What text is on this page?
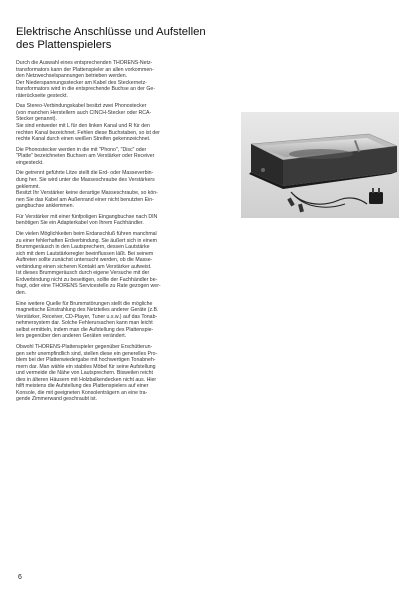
Elektrische Anschlüsse und Aufstellen
des Plattenspielers

Durch die Auswahl eines entsprechenden THORENS-Netz-
transformators kann der Plattenspieler an allen vorkommen-
den Netzwechselspannungen betrieben werden.
Der Niederspannungsstecker am Kabel des Steckernetz-
transformators wird in die entsprechende Buchse an der Ge-
räterückseite gesteckt.

Das Stereo-Verbindungskabel besitzt zwei Phonostecker
(von manchen Herstellern auch CINCH-Stecker oder RCA-
Stecker genannt).
Sie sind entweder mit L für den linken Kanal und R für den
rechten Kanal bezeichnet. Fehlen diese Buchstaben, so ist der
rechte Kanal durch einen weißen Streifen gekennzeichnet.

Die Phonostecker werden in die mit "Phono", "Disc" oder
"Platte" bezeichneten Buchsen am Verstärker oder Receiver
eingesteckt.

Die getrennt geführte Litze stellt die Erd- oder Masseverbin-
dung her. Sie wird unter die Masseschraube des Verstärkers
geklemmt.
Besitzt Ihr Verstärker keine derartige Masseschraube, so kön-
nen Sie das Kabel am Außenrand einer nicht benutzten Ein-
gangbuchse anklemmen.

Für Verstärker mit einer fünfpoligen Eingangbuchse nach DIN
benötigen Sie ein Adapterkabel von Ihrem Fachhändler.

Die vielen Möglichkeiten beim Erdanschluß führen manchmal
zu einer fehlerhaften Erdverbindung. Sie äußert sich in einem
Brummgeräusch in den Lautsprechern, dessen Lautstärke
sich mit dem Lautstärkeregler beeinflussen läßt. Bei seinem
Auftreten sollte zunächst untersucht werden, ob die Masse-
verbindung einen sicheren Kontakt am Verstärker aufweist.
Ist dieses Brummgeräusch durch eigene Versuche mit der
Erdverbindung nicht zu beseitigen, sollte der Fachhändler be-
fragt, oder eine THORENS Servicestelle zu Rate gezogen wer-
den.

Eine weitere Quelle für Brummstörungen stellt die mögliche
magnetische Einstrahlung des Netzteiles anderer Geräte (z.B.
Verstärker, Receiver, CD-Player, Tuner u.s.w.) auf das Tonab-
nehmersystem dar. Solche Fehlerursachen kann man leicht
selbst ermitteln, indem man die Aufstellung des Plattenspie-
lers gegenüber den anderen Geräten verändert.

Obwohl THORENS-Plattenspieler gegenüber Erschütterun-
gen sehr unempfindlich sind, stellen diese ein generelles Pro-
blem bei der Plattenwiedergabe mit hochwertigen Tonabneh-
mern dar. Man wähle ein stabiles Möbel für seine Aufstellung
und vermeide die Nähe von Lautsprechern. Bisweilen reicht
dies in älteren Häusern mit Holzbalkendecken nicht aus. Hier
hilft meistens die Aufstellung des Plattenspielers auf einer
Konsole, die mit geeigneten Konsolenträgern an eine tra-
gende Zimmerwand geschraubt ist.

6
